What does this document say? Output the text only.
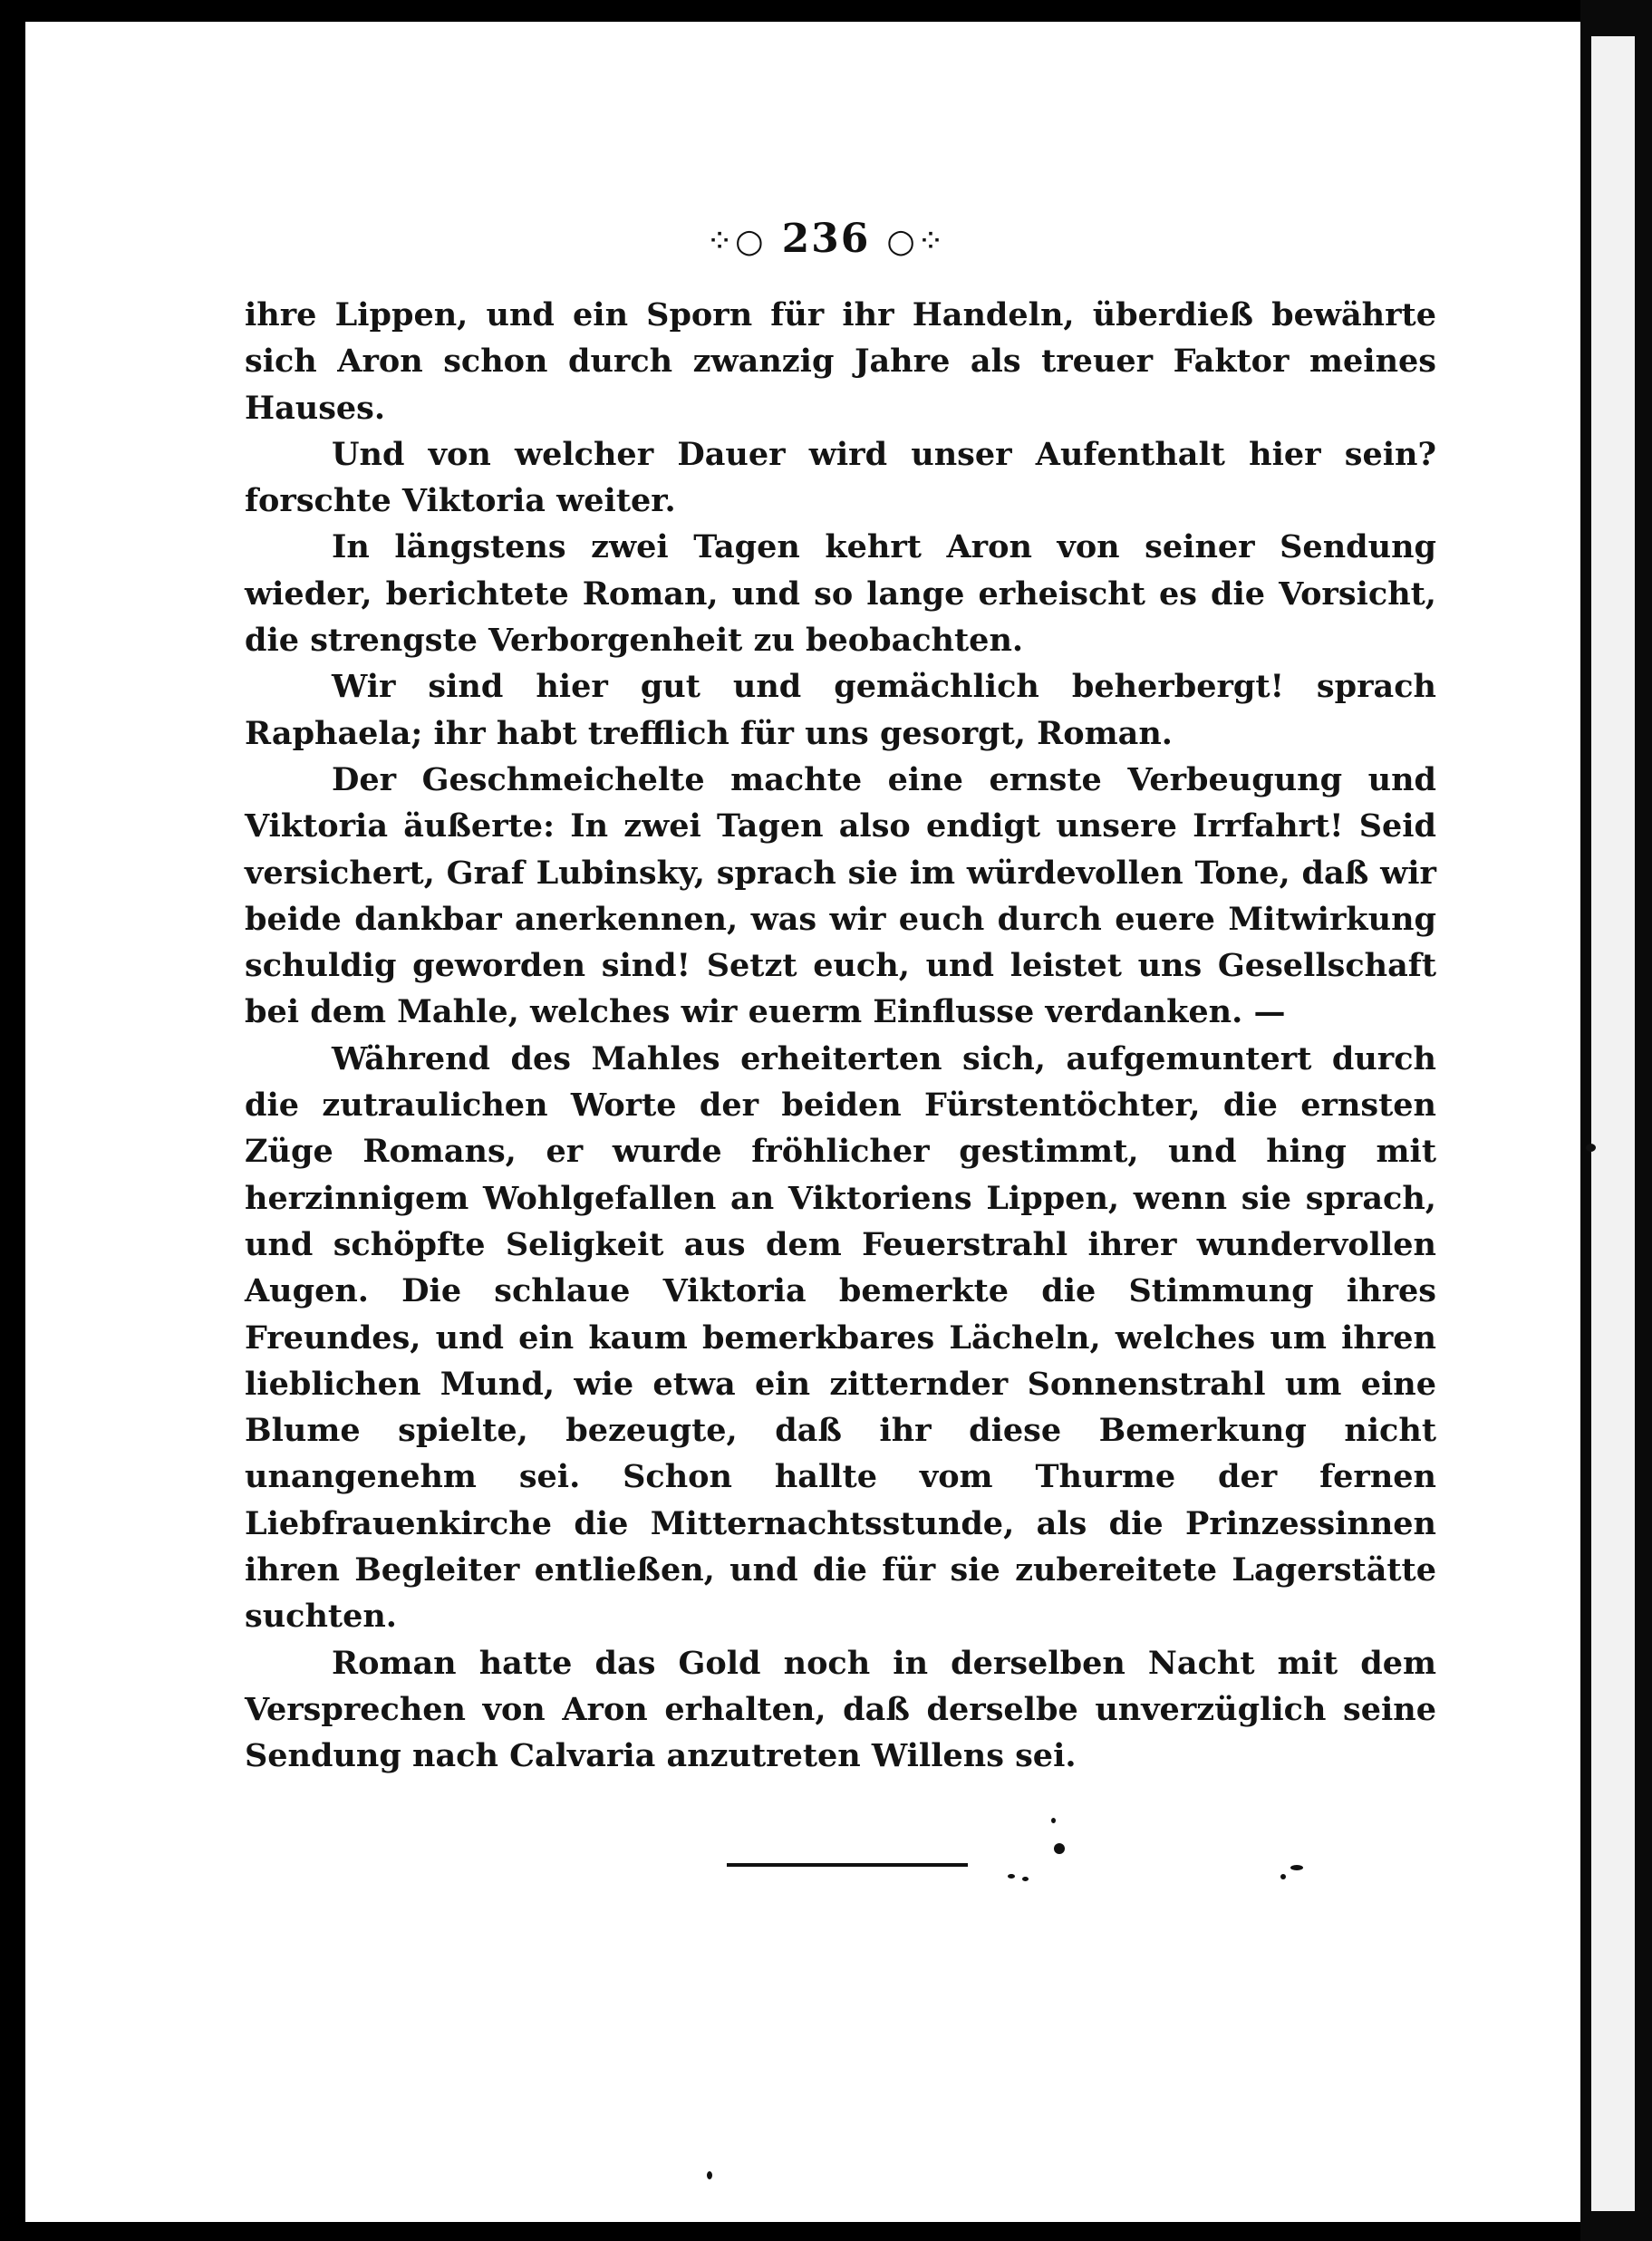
⁘○ 236 ○⁘

ihre Lippen, und ein Sporn für ihr Handeln, überdieß bewährte sich Aron schon durch zwanzig Jahre als treuer Faktor meines Hauses.

Und von welcher Dauer wird unser Aufenthalt hier sein? forschte Viktoria weiter.

In längstens zwei Tagen kehrt Aron von seiner Sendung wieder, berichtete Roman, und so lange erheischt es die Vorsicht, die strengste Verborgenheit zu beobachten.

Wir sind hier gut und gemächlich beherbergt! sprach Raphaela; ihr habt trefflich für uns gesorgt, Roman.

Der Geschmeichelte machte eine ernste Verbeugung und Viktoria äußerte: In zwei Tagen also endigt unsere Irrfahrt! Seid versichert, Graf Lubinsky, sprach sie im würdevollen Tone, daß wir beide dankbar anerkennen, was wir euch durch euere Mitwirkung schuldig geworden sind! Setzt euch, und leistet uns Gesellschaft bei dem Mahle, welches wir euerm Einflusse verdanken. —

Während des Mahles erheiterten sich, aufgemuntert durch die zutraulichen Worte der beiden Fürstentöchter, die ernsten Züge Romans, er wurde fröhlicher gestimmt, und hing mit herzinnigem Wohlgefallen an Viktoriens Lippen, wenn sie sprach, und schöpfte Seligkeit aus dem Feuerstrahl ihrer wundervollen Augen. Die schlaue Viktoria bemerkte die Stimmung ihres Freundes, und ein kaum bemerkbares Lächeln, welches um ihren lieblichen Mund, wie etwa ein zitternder Sonnenstrahl um eine Blume spielte, bezeugte, daß ihr diese Bemerkung nicht unangenehm sei. Schon hallte vom Thurme der fernen Liebfrauenkirche die Mitternachtsstunde, als die Prinzessinnen ihren Begleiter entließen, und die für sie zubereitete Lagerstätte suchten.

Roman hatte das Gold noch in derselben Nacht mit dem Versprechen von Aron erhalten, daß derselbe unverzüglich seine Sendung nach Calvaria anzutreten Willens sei.
